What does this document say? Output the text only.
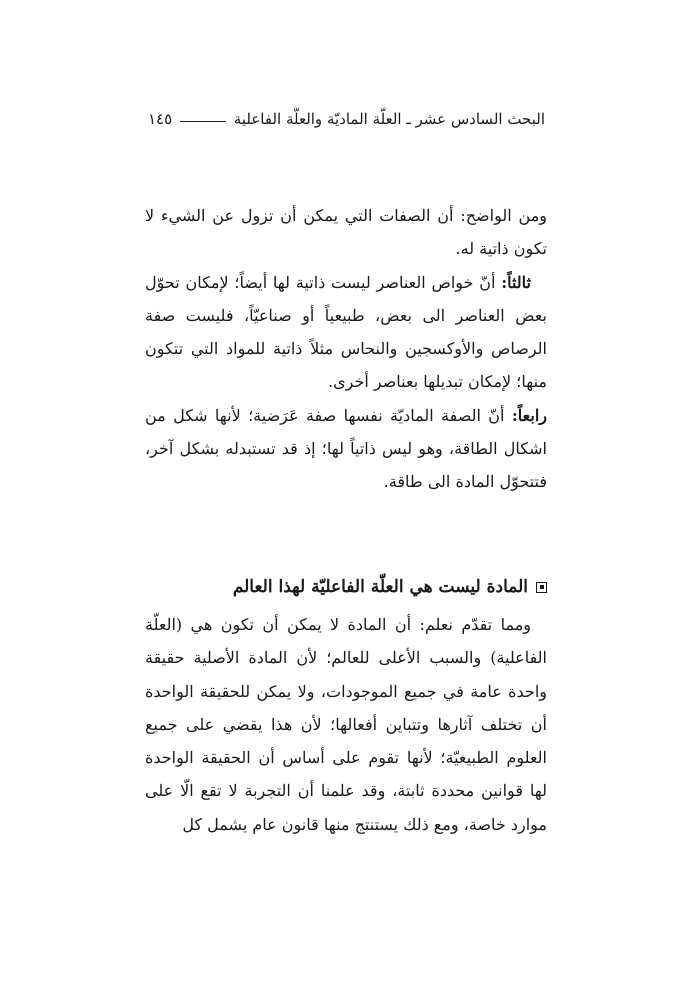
البحث السادس عشر ـ العلّة الماديّة والعلّة الفاعلية
١٤٥

ومن الواضح: أن الصفات التي يمكن أن تزول عن الشيء لا تكون ذاتية له.

ثالثاً: أنّ خواص العناصر ليست ذاتية لها أيضاً؛ لإمكان تحوّل بعض العناصر الى بعض، طبيعياً أو صناعيّاً، فليست صفة الرصاص والأوكسجين والنحاس مثلاً ذاتية للمواد التي تتكون منها؛ لإمكان تبديلها بعناصر أخرى.

رابعاً: أنّ الصفة الماديّة نفسها صفة عَرَضية؛ لأنها شكل من اشكال الطاقة، وهو ليس ذاتياً لها؛ إذ قد تستبدله بشكل آخر، فتتحوّل المادة الى طاقة.

المادة ليست هي العلّة الفاعليّة لهذا العالم

ومما تقدّم نعلم: أن المادة لا يمكن أن تكون هي (العلّة الفاعلية) والسبب الأعلى للعالم؛ لأن المادة الأصلية حقيقة واحدة عامة في جميع الموجودات، ولا يمكن للحقيقة الواحدة أن تختلف آثارها وتتباين أفعالها؛ لأن هذا يقضي على جميع العلوم الطبيعيّة؛ لأنها تقوم على أساس أن الحقيقة الواحدة لها قوانين محددة ثابتة، وقد علمنا أن التجربة لا تقع الّا على موارد خاصة، ومع ذلك يستنتج منها قانون عام يشمل كل
